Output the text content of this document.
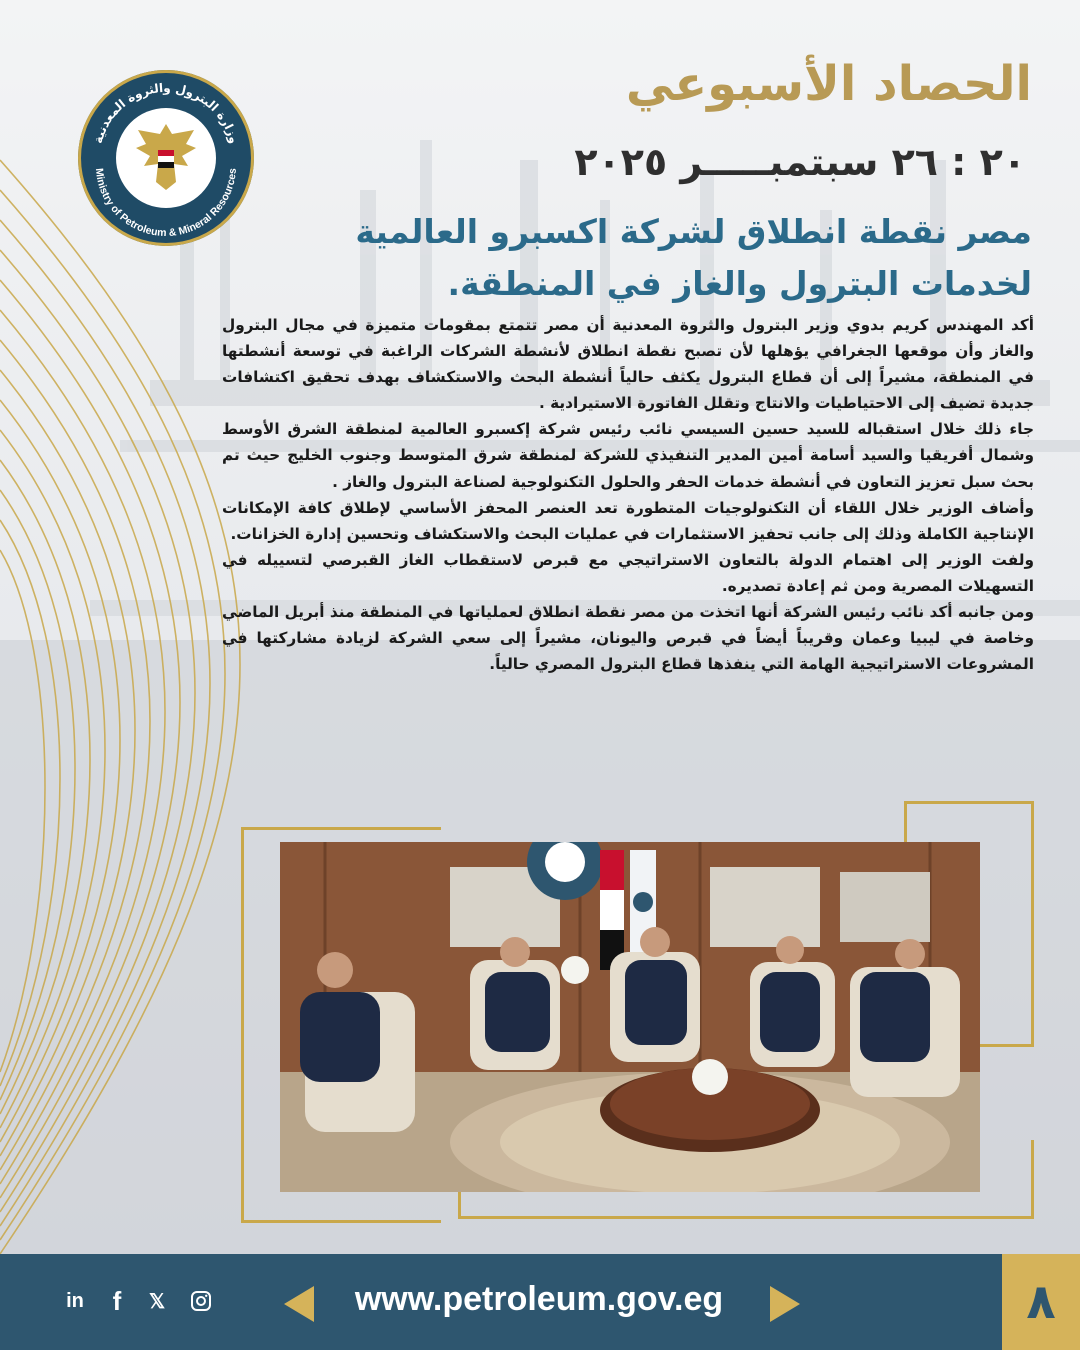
وزارة البترول والثروة المعدنية
Ministry of Petroleum & Mineral Resources
الحصاد الأسبوعي
٢٠ : ٢٦ سبتمبـــــر ٢٠٢٥
مصر نقطة انطلاق لشركة اكسبرو العالمية لخدمات البترول والغاز في المنطقة.

أكد المهندس كريم بدوي وزير البترول والثروة المعدنية أن مصر تتمتع بمقومات متميزة في مجال البترول والغاز وأن موقعها الجغرافي يؤهلها لأن تصبح نقطة انطلاق لأنشطة الشركات الراغبة في توسعة أنشطتها في المنطقة، مشيراً إلى أن قطاع البترول يكثف حالياً أنشطة البحث والاستكشاف بهدف تحقيق اكتشافات جديدة تضيف إلى الاحتياطيات والانتاج وتقلل الفاتورة الاستيرادية .

جاء ذلك خلال استقباله للسيد حسين السيسي نائب رئيس شركة إكسبرو العالمية لمنطقة الشرق الأوسط وشمال أفريقيا والسيد أسامة أمين المدير التنفيذي للشركة لمنطقة شرق المتوسط وجنوب الخليج حيث تم بحث سبل تعزيز التعاون في أنشطة خدمات الحفر والحلول التكنولوجية لصناعة البترول والغاز .

وأضاف الوزير خلال اللقاء أن التكنولوجيات المتطورة تعد العنصر المحفز الأساسي لإطلاق كافة الإمكانات الإنتاجية الكاملة وذلك إلى جانب تحفيز الاستثمارات في عمليات البحث والاستكشاف وتحسين إدارة الخزانات.

ولفت الوزير إلى اهتمام الدولة بالتعاون الاستراتيجي مع قبرص لاستقطاب الغاز القبرصي لتسييله في التسهيلات المصرية ومن ثم إعادة تصديره.

ومن جانبه أكد نائب رئيس الشركة أنها اتخذت من مصر نقطة انطلاق لعملياتها في المنطقة منذ أبريل الماضي وخاصة في ليبيا وعمان وقريباً أيضاً في قبرص واليونان، مشيراً إلى سعي الشركة لزيادة مشاركتها في المشروعات الاستراتيجية الهامة التي ينفذها قطاع البترول المصري حالياً.

in f 𝕏	www.petroleum.gov.eg	٨
